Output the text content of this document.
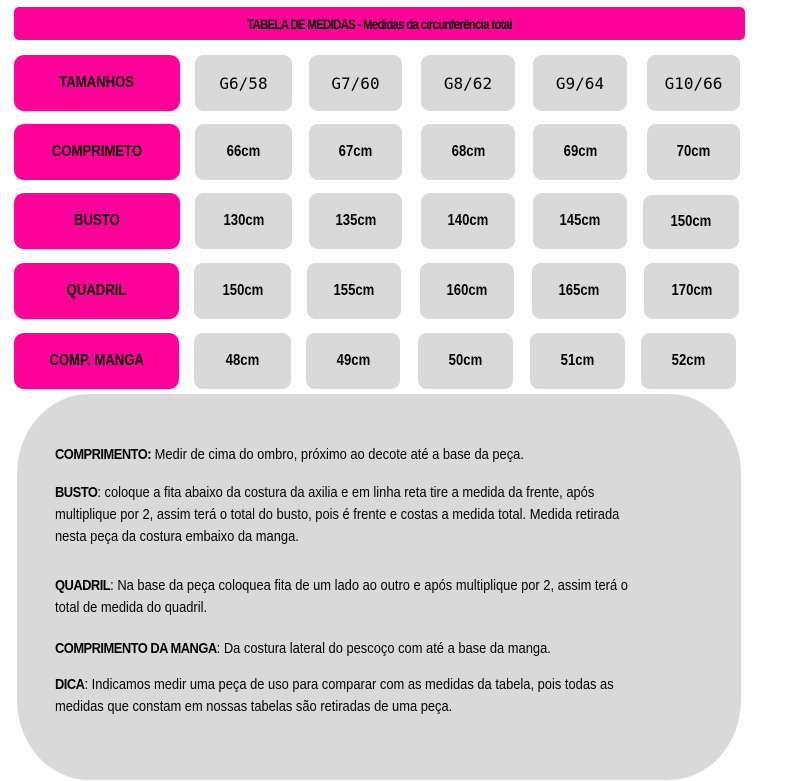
TABELA DE MEDIDAS - Medidas da circunferência total
TAMANHOS	G6/58	G7/60	G8/62	G9/64	G10/66
COMPRIMETO	66cm	67cm	68cm	69cm	70cm
BUSTO	130cm	135cm	140cm	145cm	150cm
QUADRIL	150cm	155cm	160cm	165cm	170cm
COMP. MANGA	48cm	49cm	50cm	51cm	52cm
COMPRIMENTO: Medir de cima do ombro, próximo ao decote até a base da peça.
BUSTO: coloque a fita abaixo da costura da axilia e em linha reta tire a medida da frente, após
multiplique por 2, assim terá o total do busto, pois é frente e costas a medida total. Medida retirada
nesta peça da costura embaixo da manga.
QUADRIL: Na base da peça coloquea fita de um lado ao outro e após multiplique por 2, assim terá o
total de medida do quadril.
COMPRIMENTO DA MANGA: Da costura lateral do pescoço com até a base da manga.
DICA: Indicamos medir uma peça de uso para comparar com as medidas da tabela, pois todas as
medidas que constam em nossas tabelas são retiradas de uma peça.
